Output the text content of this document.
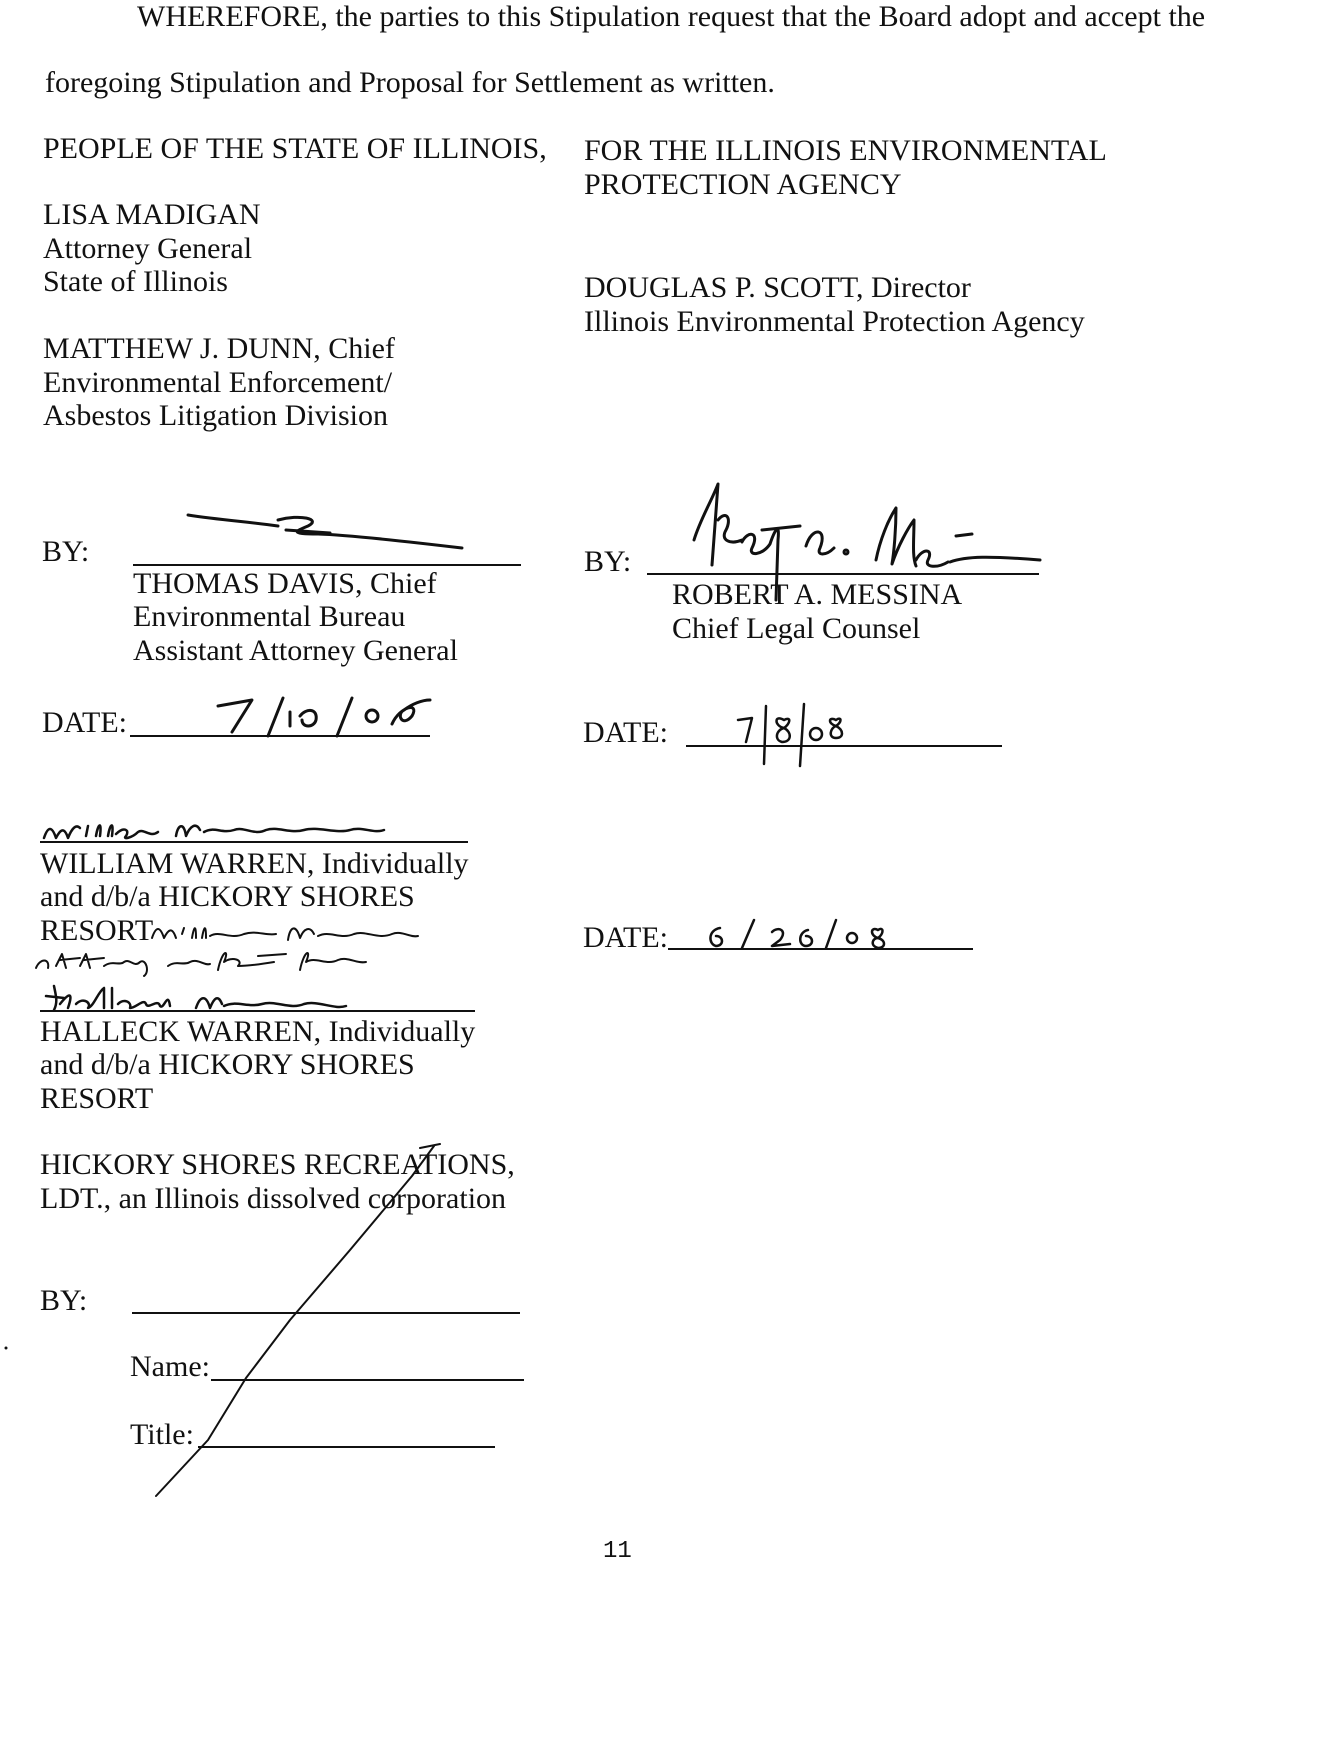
WHEREFORE, the parties to this Stipulation request that the Board adopt and accept the
foregoing Stipulation and Proposal for Settlement as written.
PEOPLE OF THE STATE OF ILLINOIS,
LISA MADIGAN
Attorney General
State of Illinois
MATTHEW J. DUNN, Chief
Environmental Enforcement/
Asbestos Litigation Division
BY:
THOMAS DAVIS, Chief
Environmental Bureau
Assistant Attorney General
DATE:
FOR THE ILLINOIS ENVIRONMENTAL
PROTECTION AGENCY
DOUGLAS P. SCOTT, Director
Illinois Environmental Protection Agency
BY:
ROBERT A. MESSINA
Chief Legal Counsel
DATE:
WILLIAM WARREN, Individually
and d/b/a HICKORY SHORES
RESORT
HALLECK WARREN, Individually
and d/b/a HICKORY SHORES
RESORT
DATE:
HICKORY SHORES RECREATIONS,
LDT., an Illinois dissolved corporation
BY:
Name:
Title:
11
